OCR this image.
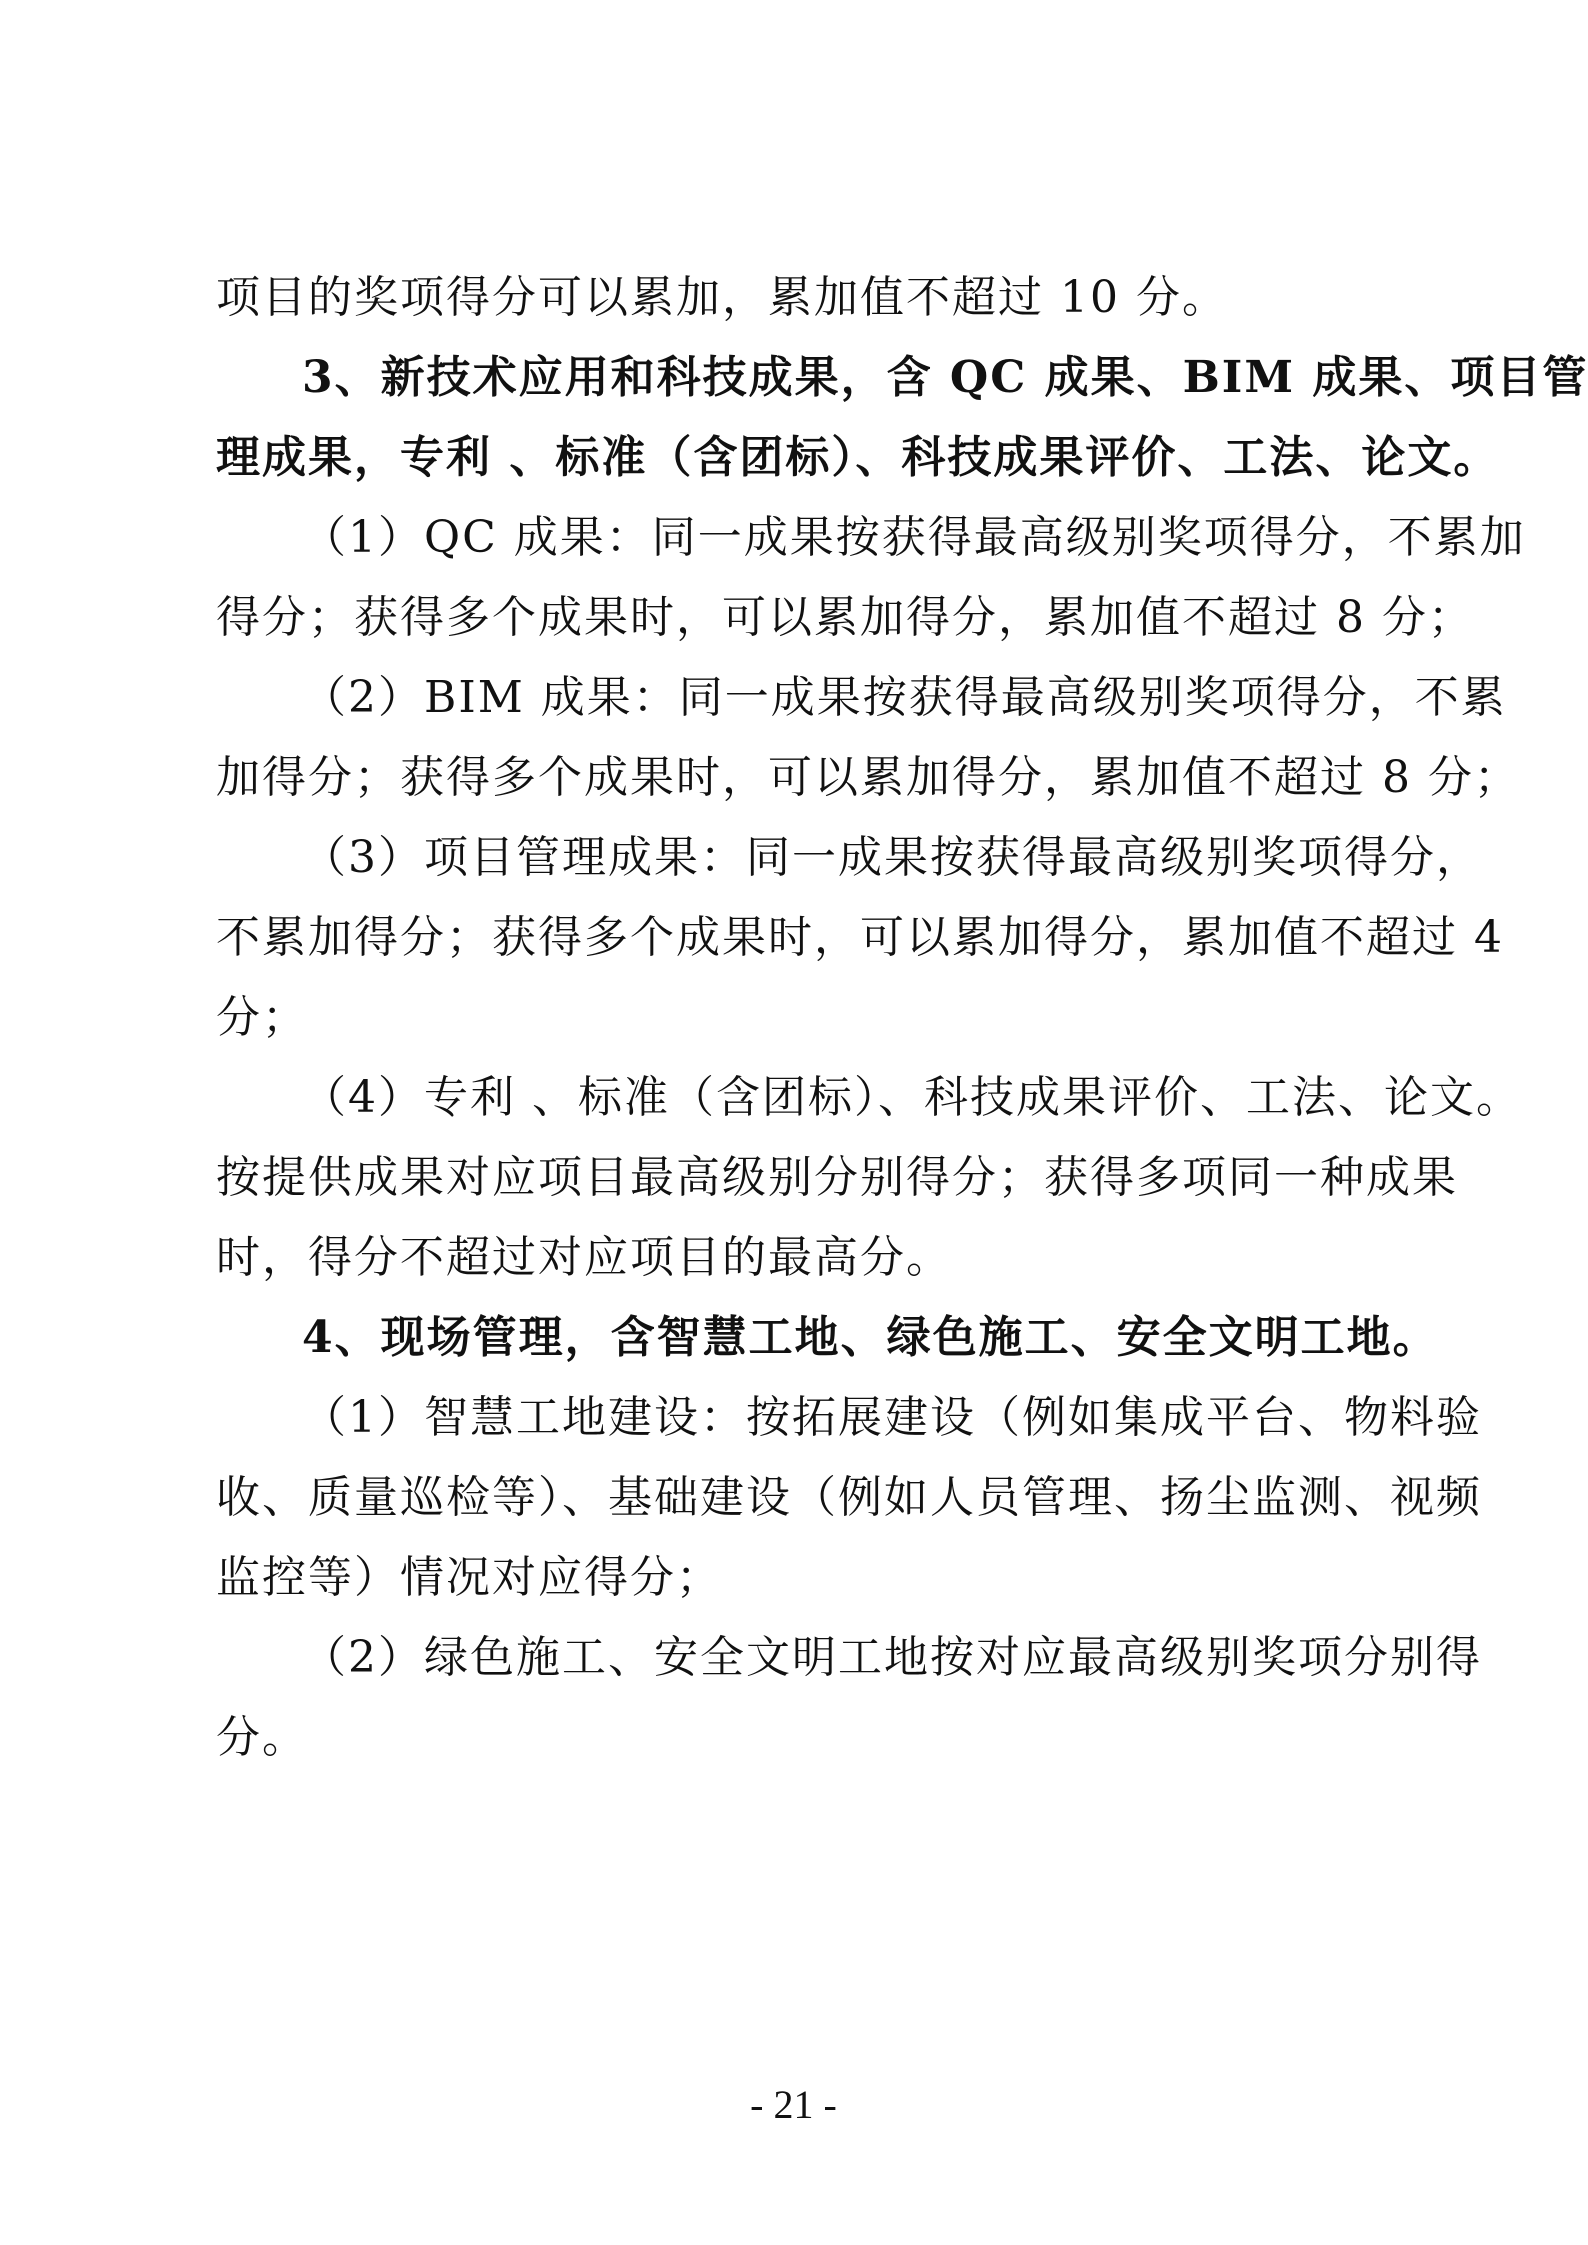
项目的奖项得分可以累加，累加值不超过 10 分。
3、新技术应用和科技成果，含 QC 成果、BIM 成果、项目管
理成果，专利 、标准（含团标）、科技成果评价、工法、论文。
（1）QC 成果：同一成果按获得最高级别奖项得分，不累加
得分；获得多个成果时，可以累加得分，累加值不超过 8 分；
（2）BIM 成果：同一成果按获得最高级别奖项得分，不累
加得分；获得多个成果时，可以累加得分，累加值不超过 8 分；
（3）项目管理成果：同一成果按获得最高级别奖项得分，
不累加得分；获得多个成果时，可以累加得分，累加值不超过 4
分；
（4）专利 、标准（含团标）、科技成果评价、工法、论文。
按提供成果对应项目最高级别分别得分；获得多项同一种成果
时，得分不超过对应项目的最高分。
4、现场管理，含智慧工地、绿色施工、安全文明工地。
（1）智慧工地建设：按拓展建设（例如集成平台、物料验
收、质量巡检等）、基础建设（例如人员管理、扬尘监测、视频
监控等）情况对应得分；
（2）绿色施工、安全文明工地按对应最高级别奖项分别得
分。
- 21 -
